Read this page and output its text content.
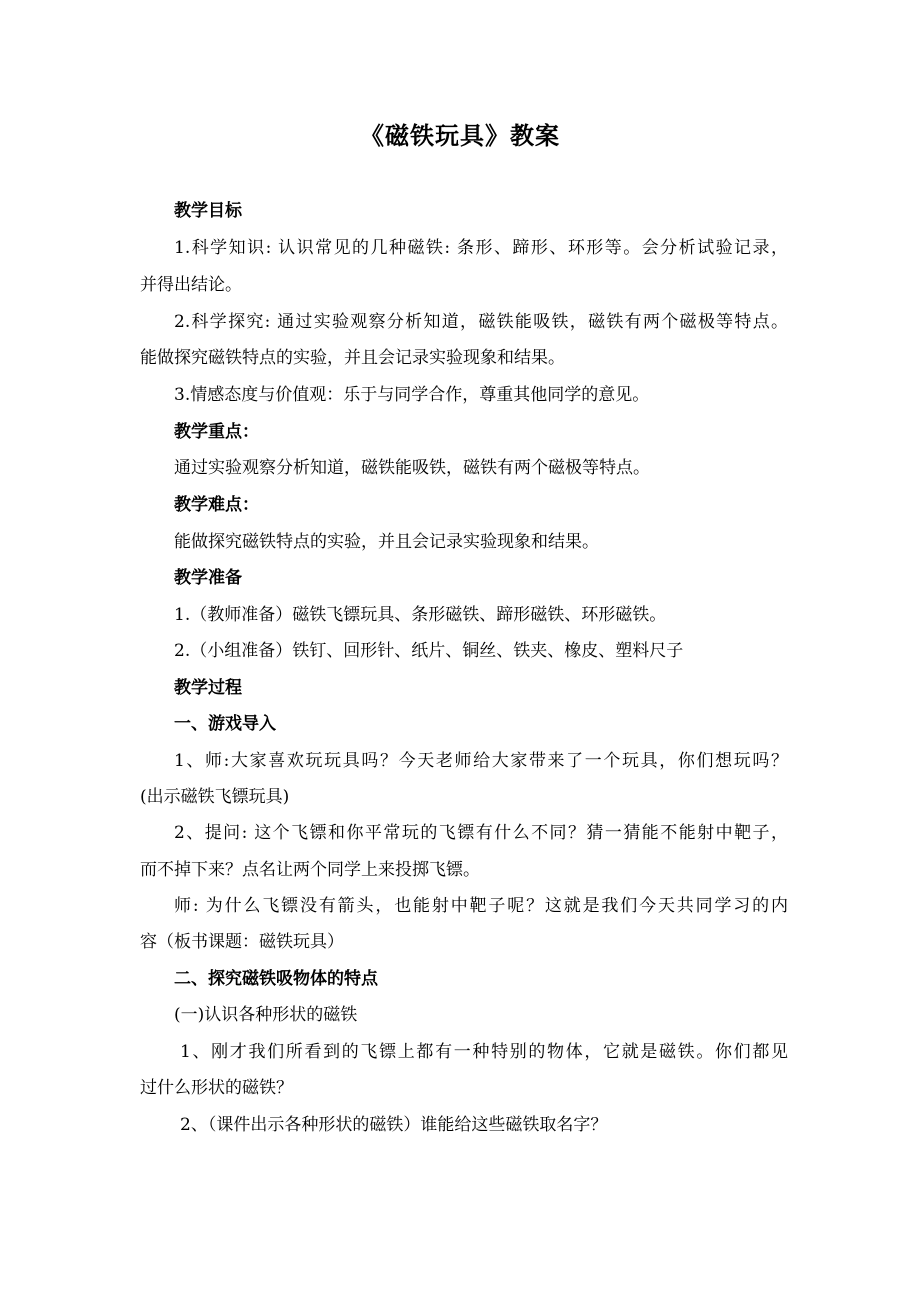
《磁铁玩具》教案
教学目标
1.科学知识: 认识常见的几种磁铁: 条形、蹄形、环形等。会分析试验记录，
并得出结论。
2.科学探究: 通过实验观察分析知道，磁铁能吸铁，磁铁有两个磁极等特点。
能做探究磁铁特点的实验，并且会记录实验现象和结果。
3.情感态度与价值观：乐于与同学合作，尊重其他同学的意见。
教学重点：
通过实验观察分析知道，磁铁能吸铁，磁铁有两个磁极等特点。
教学难点：
能做探究磁铁特点的实验，并且会记录实验现象和结果。
教学准备
1.（教师准备）磁铁飞镖玩具、条形磁铁、蹄形磁铁、环形磁铁。
2.（小组准备）铁钉、回形针、纸片、铜丝、铁夹、橡皮、塑料尺子
教学过程
一、游戏导入
1、师:大家喜欢玩玩具吗？今天老师给大家带来了一个玩具，你们想玩吗？
(出示磁铁飞镖玩具)
2、提问: 这个飞镖和你平常玩的飞镖有什么不同？猜一猜能不能射中靶子，
而不掉下来？点名让两个同学上来投掷飞镖。
师: 为什么飞镖没有箭头，也能射中靶子呢？这就是我们今天共同学习的内
容（板书课题：磁铁玩具）
二、探究磁铁吸物体的特点
(一)认识各种形状的磁铁
1、刚才我们所看到的飞镖上都有一种特别的物体，它就是磁铁。你们都见
过什么形状的磁铁？
2、（课件出示各种形状的磁铁）谁能给这些磁铁取名字？
